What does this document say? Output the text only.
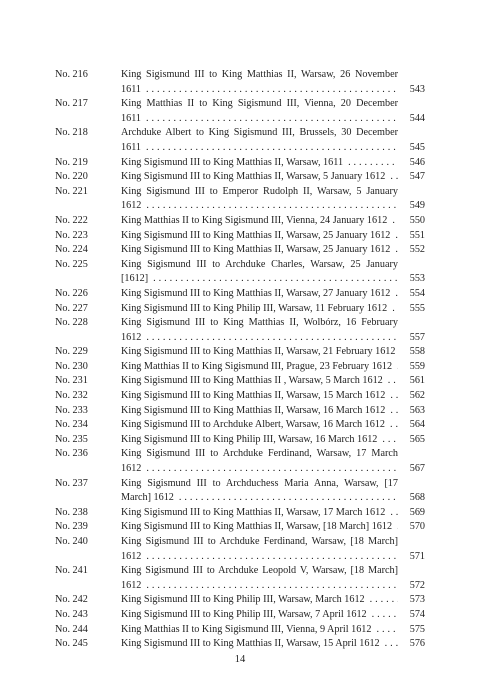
No. 216	King Sigismund III to King Matthias II, Warsaw, 26 November 1611 . . .	543
No. 217	King Matthias II to King Sigismund III, Vienna, 20 December 1611 . . .	544
No. 218	Archduke Albert to King Sigismund III, Brussels, 30 December 1611 . . .	545
No. 219	King Sigismund III to King Matthias II, Warsaw, 1611 . . .	546
No. 220	King Sigismund III to King Matthias II, Warsaw, 5 January 1612 . . .	547
No. 221	King Sigismund III to Emperor Rudolph II, Warsaw, 5 January 1612 . . .	549
No. 222	King Matthias II to King Sigismund III, Vienna, 24 January 1612 . . .	550
No. 223	King Sigismund III to King Matthias II, Warsaw, 25 January 1612 . . .	551
No. 224	King Sigismund III to King Matthias II, Warsaw, 25 January 1612 . . .	552
No. 225	King Sigismund III to Archduke Charles, Warsaw, 25 January [1612] . . .	553
No. 226	King Sigismund III to King Matthias II, Warsaw, 27 January 1612 . . .	554
No. 227	King Sigismund III to King Philip III, Warsaw, 11 February 1612 . . .	555
No. 228	King Sigismund III to King Matthias II, Wolbórz, 16 February 1612 . . .	557
No. 229	King Sigismund III to King Matthias II, Warsaw, 21 February 1612 . . .	558
No. 230	King Matthias II to King Sigismund III, Prague, 23 February 1612 . . .	559
No. 231	King Sigismund III to King Matthias II , Warsaw, 5 March 1612 . . .	561
No. 232	King Sigismund III to King Matthias II, Warsaw, 15 March 1612 . . .	562
No. 233	King Sigismund III to King Matthias II, Warsaw, 16 March 1612 . . .	563
No. 234	King Sigismund III to Archduke Albert, Warsaw, 16 March 1612 . . .	564
No. 235	King Sigismund III to King Philip III, Warsaw, 16 March 1612 . . .	565
No. 236	King Sigismund III to Archduke Ferdinand, Warsaw, 17 March 1612 . . .	567
No. 237	King Sigismund III to Archduchess Maria Anna, Warsaw, [17 March] 1612 . . .	568
No. 238	King Sigismund III to King Matthias II, Warsaw, 17 March 1612 . . .	569
No. 239	King Sigismund III to King Matthias II, Warsaw, [18 March] 1612 . . .	570
No. 240	King Sigismund III to Archduke Ferdinand, Warsaw, [18 March] 1612 . . .	571
No. 241	King Sigismund III to Archduke Leopold V, Warsaw, [18 March] 1612 . . .	572
No. 242	King Sigismund III to King Philip III, Warsaw, March 1612 . . .	573
No. 243	King Sigismund III to King Philip III, Warsaw, 7 April 1612 . . .	574
No. 244	King Matthias II to King Sigismund III, Vienna, 9 April 1612 . . .	575
No. 245	King Sigismund III to King Matthias II, Warsaw, 15 April 1612 . . .	576
14
